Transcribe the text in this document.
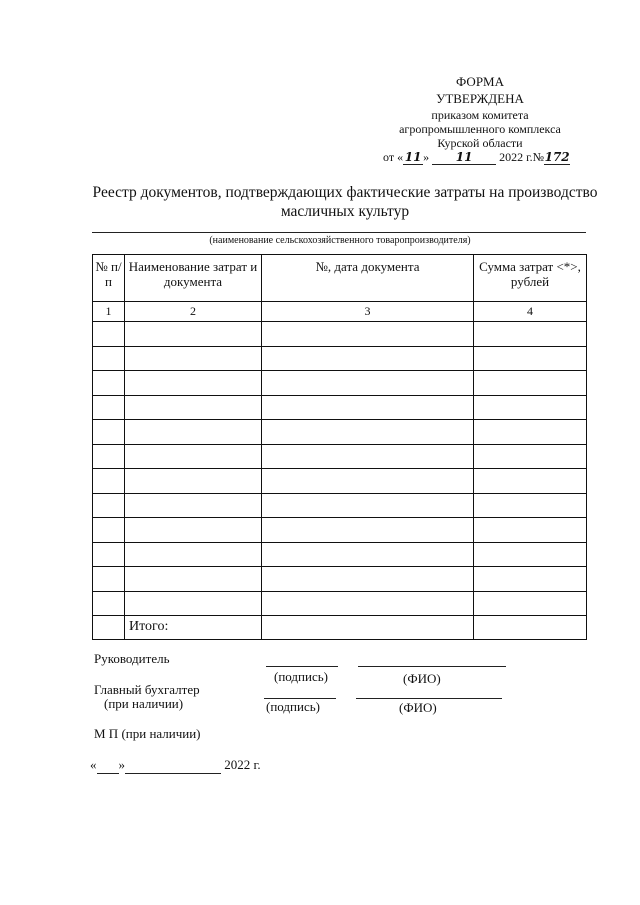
ФОРМА
УТВЕРЖДЕНА
приказом комитета
агропромышленного комплекса
Курской области
от « 11 » 11 2022 г.№172
Реестр документов, подтверждающих фактические затраты на производство масличных культур
(наименование сельскохозяйственного товаропроизводителя)
№ п/п	Наименование затрат и документа	№, дата документа	Сумма затрат <*>, рублей
1	2	3	4

	Итого:		
Руководитель
(подпись)	(ФИО)
Главный бухгалтер
(при наличии)	(подпись)	(ФИО)
М П (при наличии)
« »	2022 г.
